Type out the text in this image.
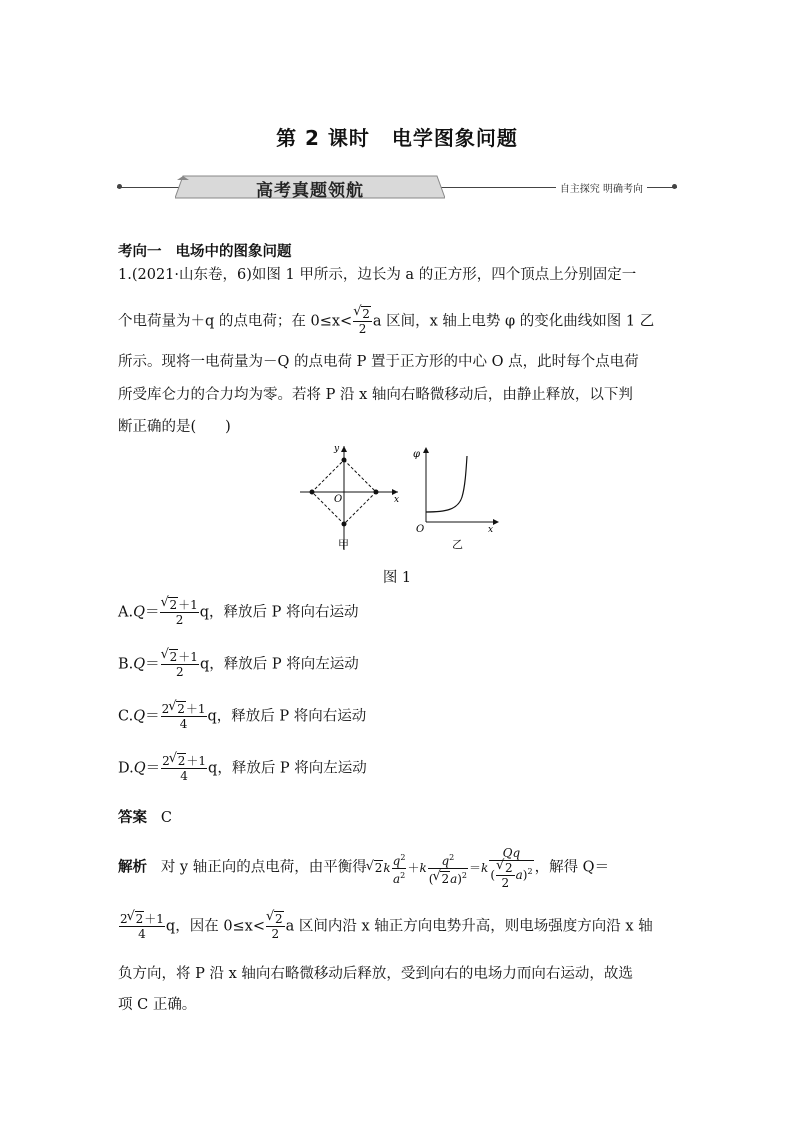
第 2 课时 电学图象问题
高考真题领航	自主探究 明确考向
考向一 电场中的图象问题
1.(2021·山东卷，6)如图 1 甲所示，边长为 a 的正方形，四个顶点上分别固定一
个电荷量为＋q 的点电荷；在 0≤x<
√ $\frac{2}{2}$ a 区间，x 轴上电势 φ 的变化曲线如图 1 乙
所示。现将一电荷量为－Q 的点电荷 P 置于正方形的中心 O 点，此时每个点电荷
所受库仑力的合力均为零。若将 P 沿 x 轴向右略微移动后，由静止释放，以下判
断正确的是(　　)
O	x
y
甲
φ
O	x
乙
图 1
A.Q＝
√ $\frac{2+1}{2}$ q，释放后 P 将向右运动
B.Q＝
√ $\frac{2+1}{2}$ q，释放后 P 将向左运动
$C.Q= \frac{2√ 2+1}{4}$ q，释放后 P 将向右运动
$D.Q= \frac{2√ 2+1}{4}$ q，释放后 P 将向左运动
答案 C
解析 对 y 轴正向的点电荷，由平衡得√ $2k \frac{q^2}{a^2} +k \frac{q^2}{(√ 2a)^2} =k$ Qq
(
√ $\frac{2}{2} a)^2$ ，解得 Q＝
$\frac{2√ 2+1}{4}$ q，因在 0≤x<
√ $\frac{2}{2}$ a 区间内沿 x 轴正方向电势升高，则电场强度方向沿 x 轴
负方向，将 P 沿 x 轴向右略微移动后释放，受到向右的电场力而向右运动，故选
项 C 正确。
